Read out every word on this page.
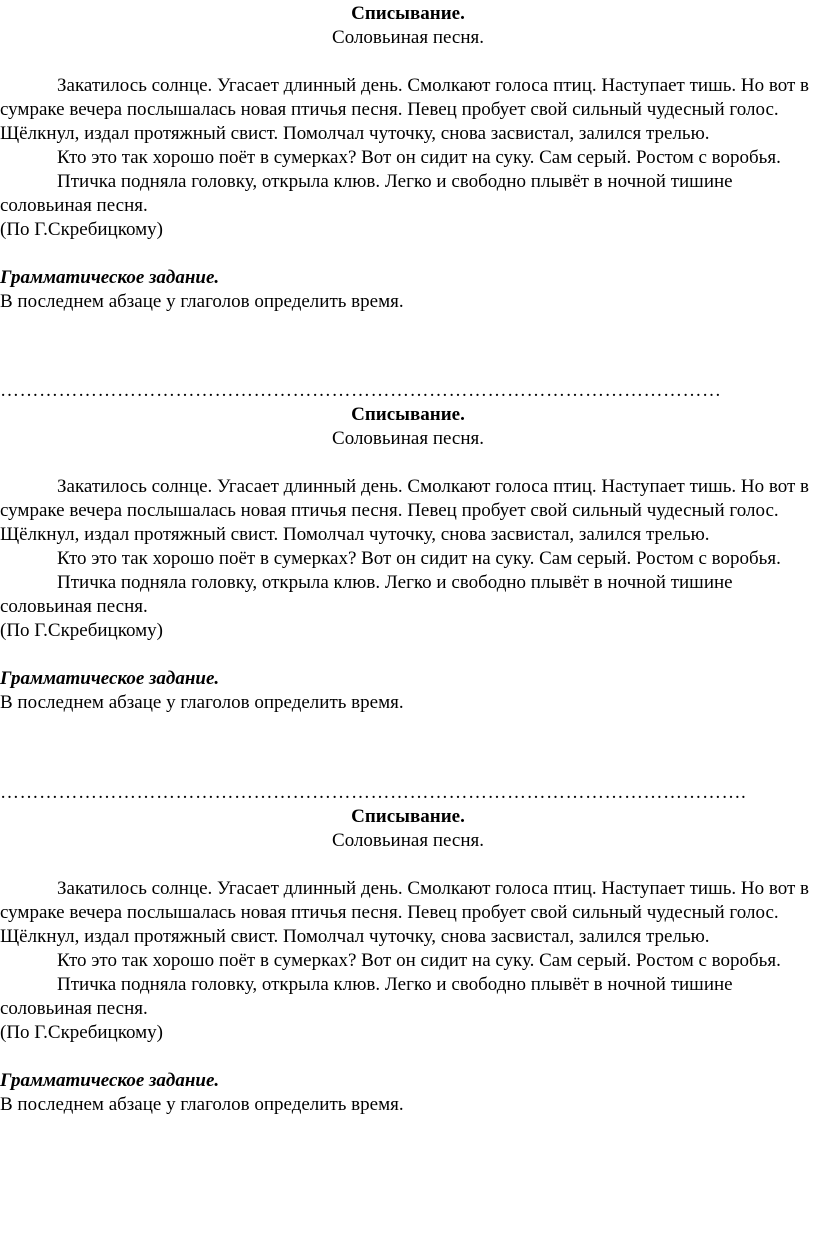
Списывание.

Соловьиная песня.

Закатилось солнце. Угасает длинный день. Смолкают голоса птиц. Наступает тишь. Но вот в сумраке вечера послышалась новая птичья песня. Певец пробует свой сильный чудесный голос. Щёлкнул, издал протяжный свист. Помолчал чуточку, снова засвистал, залился трелью.

Кто это так хорошо поёт в сумерках? Вот он сидит на суку. Сам серый. Ростом с воробья.

Птичка подняла головку, открыла клюв. Легко и свободно плывёт в ночной тишине соловьиная песня.

(По Г.Скребицкому)

Грамматическое задание.

В последнем абзаце у глаголов определить время.

…………………………………………………………………………………………………

Списывание.

Соловьиная песня.

Закатилось солнце. Угасает длинный день. Смолкают голоса птиц. Наступает тишь. Но вот в сумраке вечера послышалась новая птичья песня. Певец пробует свой сильный чудесный голос. Щёлкнул, издал протяжный свист. Помолчал чуточку, снова засвистал, залился трелью.

Кто это так хорошо поёт в сумерках? Вот он сидит на суку. Сам серый. Ростом с воробья.

Птичка подняла головку, открыла клюв. Легко и свободно плывёт в ночной тишине соловьиная песня.

(По Г.Скребицкому)

Грамматическое задание.

В последнем абзаце у глаголов определить время.

…………………………………………………………………………………………………….

Списывание.

Соловьиная песня.

Закатилось солнце. Угасает длинный день. Смолкают голоса птиц. Наступает тишь. Но вот в сумраке вечера послышалась новая птичья песня. Певец пробует свой сильный чудесный голос. Щёлкнул, издал протяжный свист. Помолчал чуточку, снова засвистал, залился трелью.

Кто это так хорошо поёт в сумерках? Вот он сидит на суку. Сам серый. Ростом с воробья.

Птичка подняла головку, открыла клюв. Легко и свободно плывёт в ночной тишине соловьиная песня.

(По Г.Скребицкому)

Грамматическое задание.

В последнем абзаце у глаголов определить время.
